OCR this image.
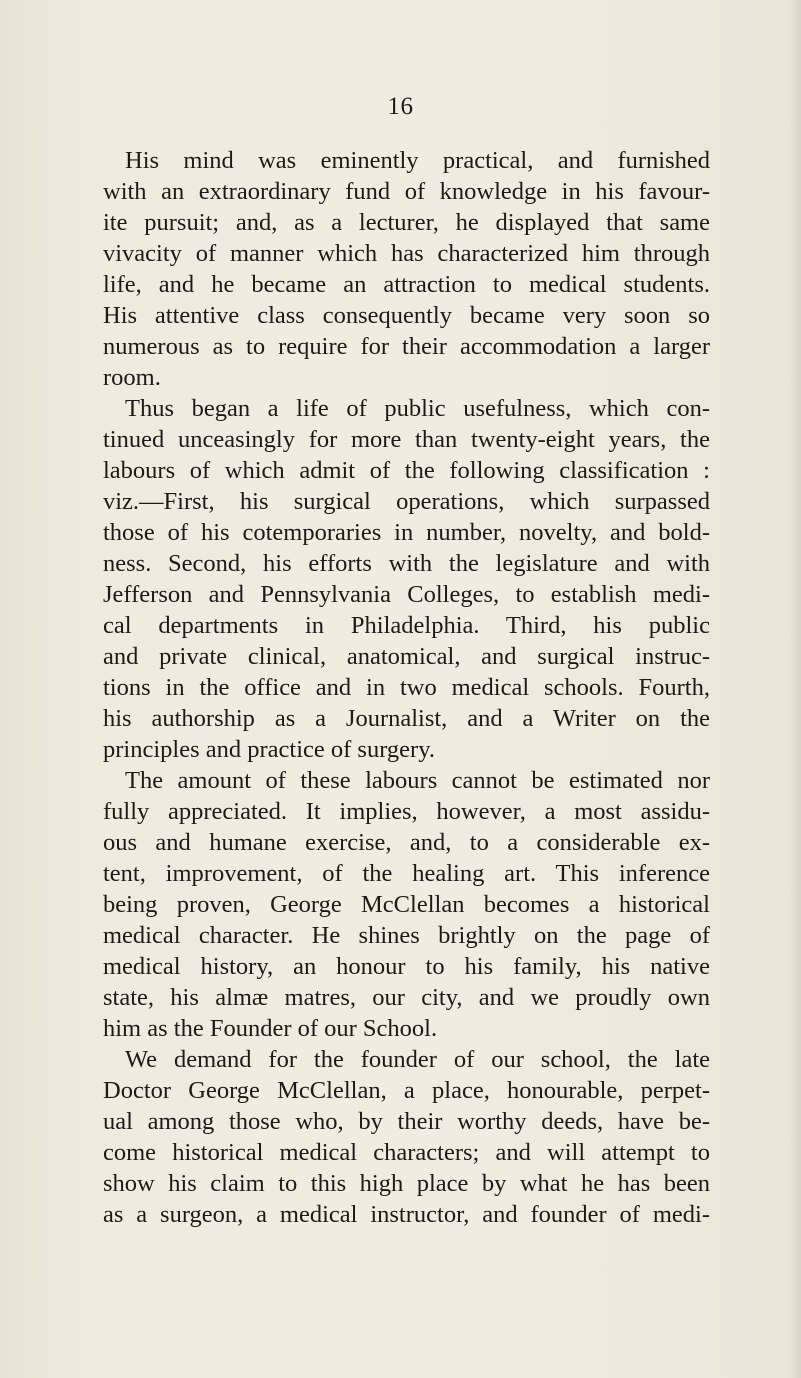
16
His mind was eminently practical, and furnished
with an extraordinary fund of knowledge in his favour-
ite pursuit; and, as a lecturer, he displayed that same
vivacity of manner which has characterized him through
life, and he became an attraction to medical students.
His attentive class consequently became very soon so
numerous as to require for their accommodation a larger
room.
Thus began a life of public usefulness, which con-
tinued unceasingly for more than twenty-eight years, the
labours of which admit of the following classification :
viz.—First, his surgical operations, which surpassed
those of his cotemporaries in number, novelty, and bold-
ness. Second, his efforts with the legislature and with
Jefferson and Pennsylvania Colleges, to establish medi-
cal departments in Philadelphia. Third, his public
and private clinical, anatomical, and surgical instruc-
tions in the office and in two medical schools. Fourth,
his authorship as a Journalist, and a Writer on the
principles and practice of surgery.
The amount of these labours cannot be estimated nor
fully appreciated. It implies, however, a most assidu-
ous and humane exercise, and, to a considerable ex-
tent, improvement, of the healing art. This inference
being proven, George McClellan becomes a historical
medical character. He shines brightly on the page of
medical history, an honour to his family, his native
state, his almæ matres, our city, and we proudly own
him as the Founder of our School.
We demand for the founder of our school, the late
Doctor George McClellan, a place, honourable, perpet-
ual among those who, by their worthy deeds, have be-
come historical medical characters; and will attempt to
show his claim to this high place by what he has been
as a surgeon, a medical instructor, and founder of medi-
